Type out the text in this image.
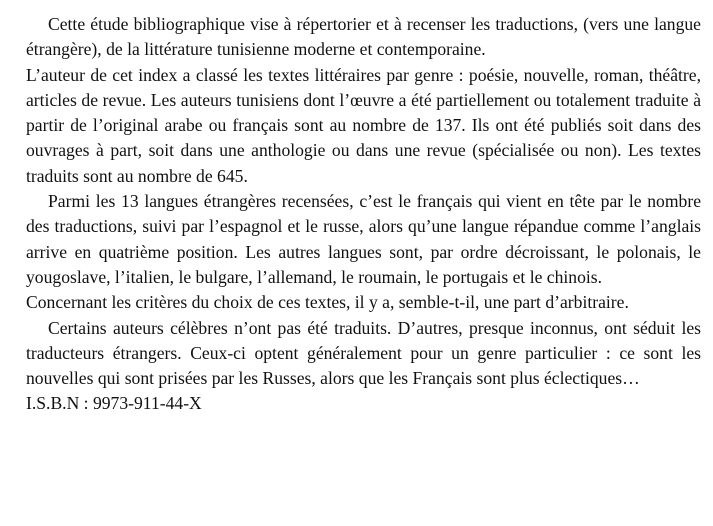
Cette étude bibliographique vise à répertorier et à recenser les traductions, (vers une langue étrangère), de la littérature tunisienne moderne et contemporaine.

L’auteur de cet index a classé les textes littéraires par genre : poésie, nouvelle, roman, théâtre, articles de revue. Les auteurs tunisiens dont l’œuvre a été partiellement ou totalement traduite à partir de l’original arabe ou français sont au nombre de 137. Ils ont été publiés soit dans des ouvrages à part, soit dans une anthologie ou dans une revue (spécialisée ou non). Les textes traduits sont au nombre de 645.

Parmi les 13 langues étrangères recensées, c’est le français qui vient en tête par le nombre des traductions, suivi par l’espagnol et le russe, alors qu’une langue répandue comme l’anglais arrive en quatrième position. Les autres langues sont, par ordre décroissant, le polonais, le yougoslave, l’italien, le bulgare, l’allemand, le roumain, le portugais et le chinois.

Concernant les critères du choix de ces textes, il y a, semble-t-il, une part d’arbitraire.

Certains auteurs célèbres n’ont pas été traduits. D’autres, presque inconnus, ont séduit les traducteurs étrangers. Ceux-ci optent généralement pour un genre particulier : ce sont les nouvelles qui sont prisées par les Russes, alors que les Français sont plus éclectiques…

I.S.B.N : 9973-911-44-X
